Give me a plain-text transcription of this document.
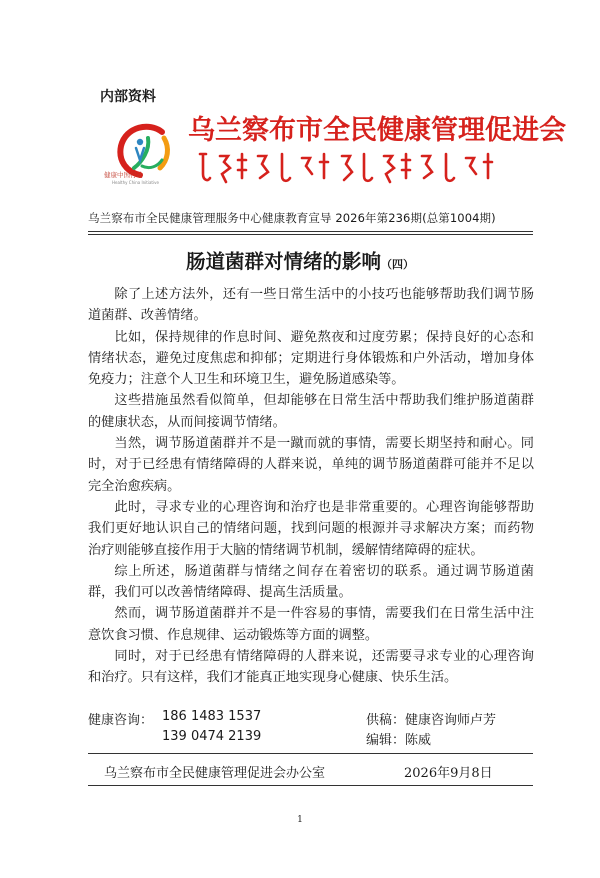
内部资料
健康中国行动
Healthy China Initiative
乌兰察布市全民健康管理促进会
乌兰察布市全民健康管理服务中心健康教育宣导 2026年第236期(总第1004期)
肠道菌群对情绪的影响（四）

除了上述方法外，还有一些日常生活中的小技巧也能够帮助我们调节肠道菌群、改善情绪。

比如，保持规律的作息时间、避免熬夜和过度劳累；保持良好的心态和情绪状态，避免过度焦虑和抑郁；定期进行身体锻炼和户外活动，增加身体免疫力；注意个人卫生和环境卫生，避免肠道感染等。

这些措施虽然看似简单，但却能够在日常生活中帮助我们维护肠道菌群的健康状态，从而间接调节情绪。

当然，调节肠道菌群并不是一蹴而就的事情，需要长期坚持和耐心。同时，对于已经患有情绪障碍的人群来说，单纯的调节肠道菌群可能并不足以完全治愈疾病。

此时，寻求专业的心理咨询和治疗也是非常重要的。心理咨询能够帮助我们更好地认识自己的情绪问题，找到问题的根源并寻求解决方案；而药物治疗则能够直接作用于大脑的情绪调节机制，缓解情绪障碍的症状。

综上所述，肠道菌群与情绪之间存在着密切的联系。通过调节肠道菌群，我们可以改善情绪障碍、提高生活质量。

然而，调节肠道菌群并不是一件容易的事情，需要我们在日常生活中注意饮食习惯、作息规律、运动锻炼等方面的调整。

同时，对于已经患有情绪障碍的人群来说，还需要寻求专业的心理咨询和治疗。只有这样，我们才能真正地实现身心健康、快乐生活。

健康咨询： 186 1483 1537
139 0474 2139
供稿：健康咨询师卢芳
编辑：陈威
乌兰察布市全民健康管理促进会办公室	2026年9月8日
1
